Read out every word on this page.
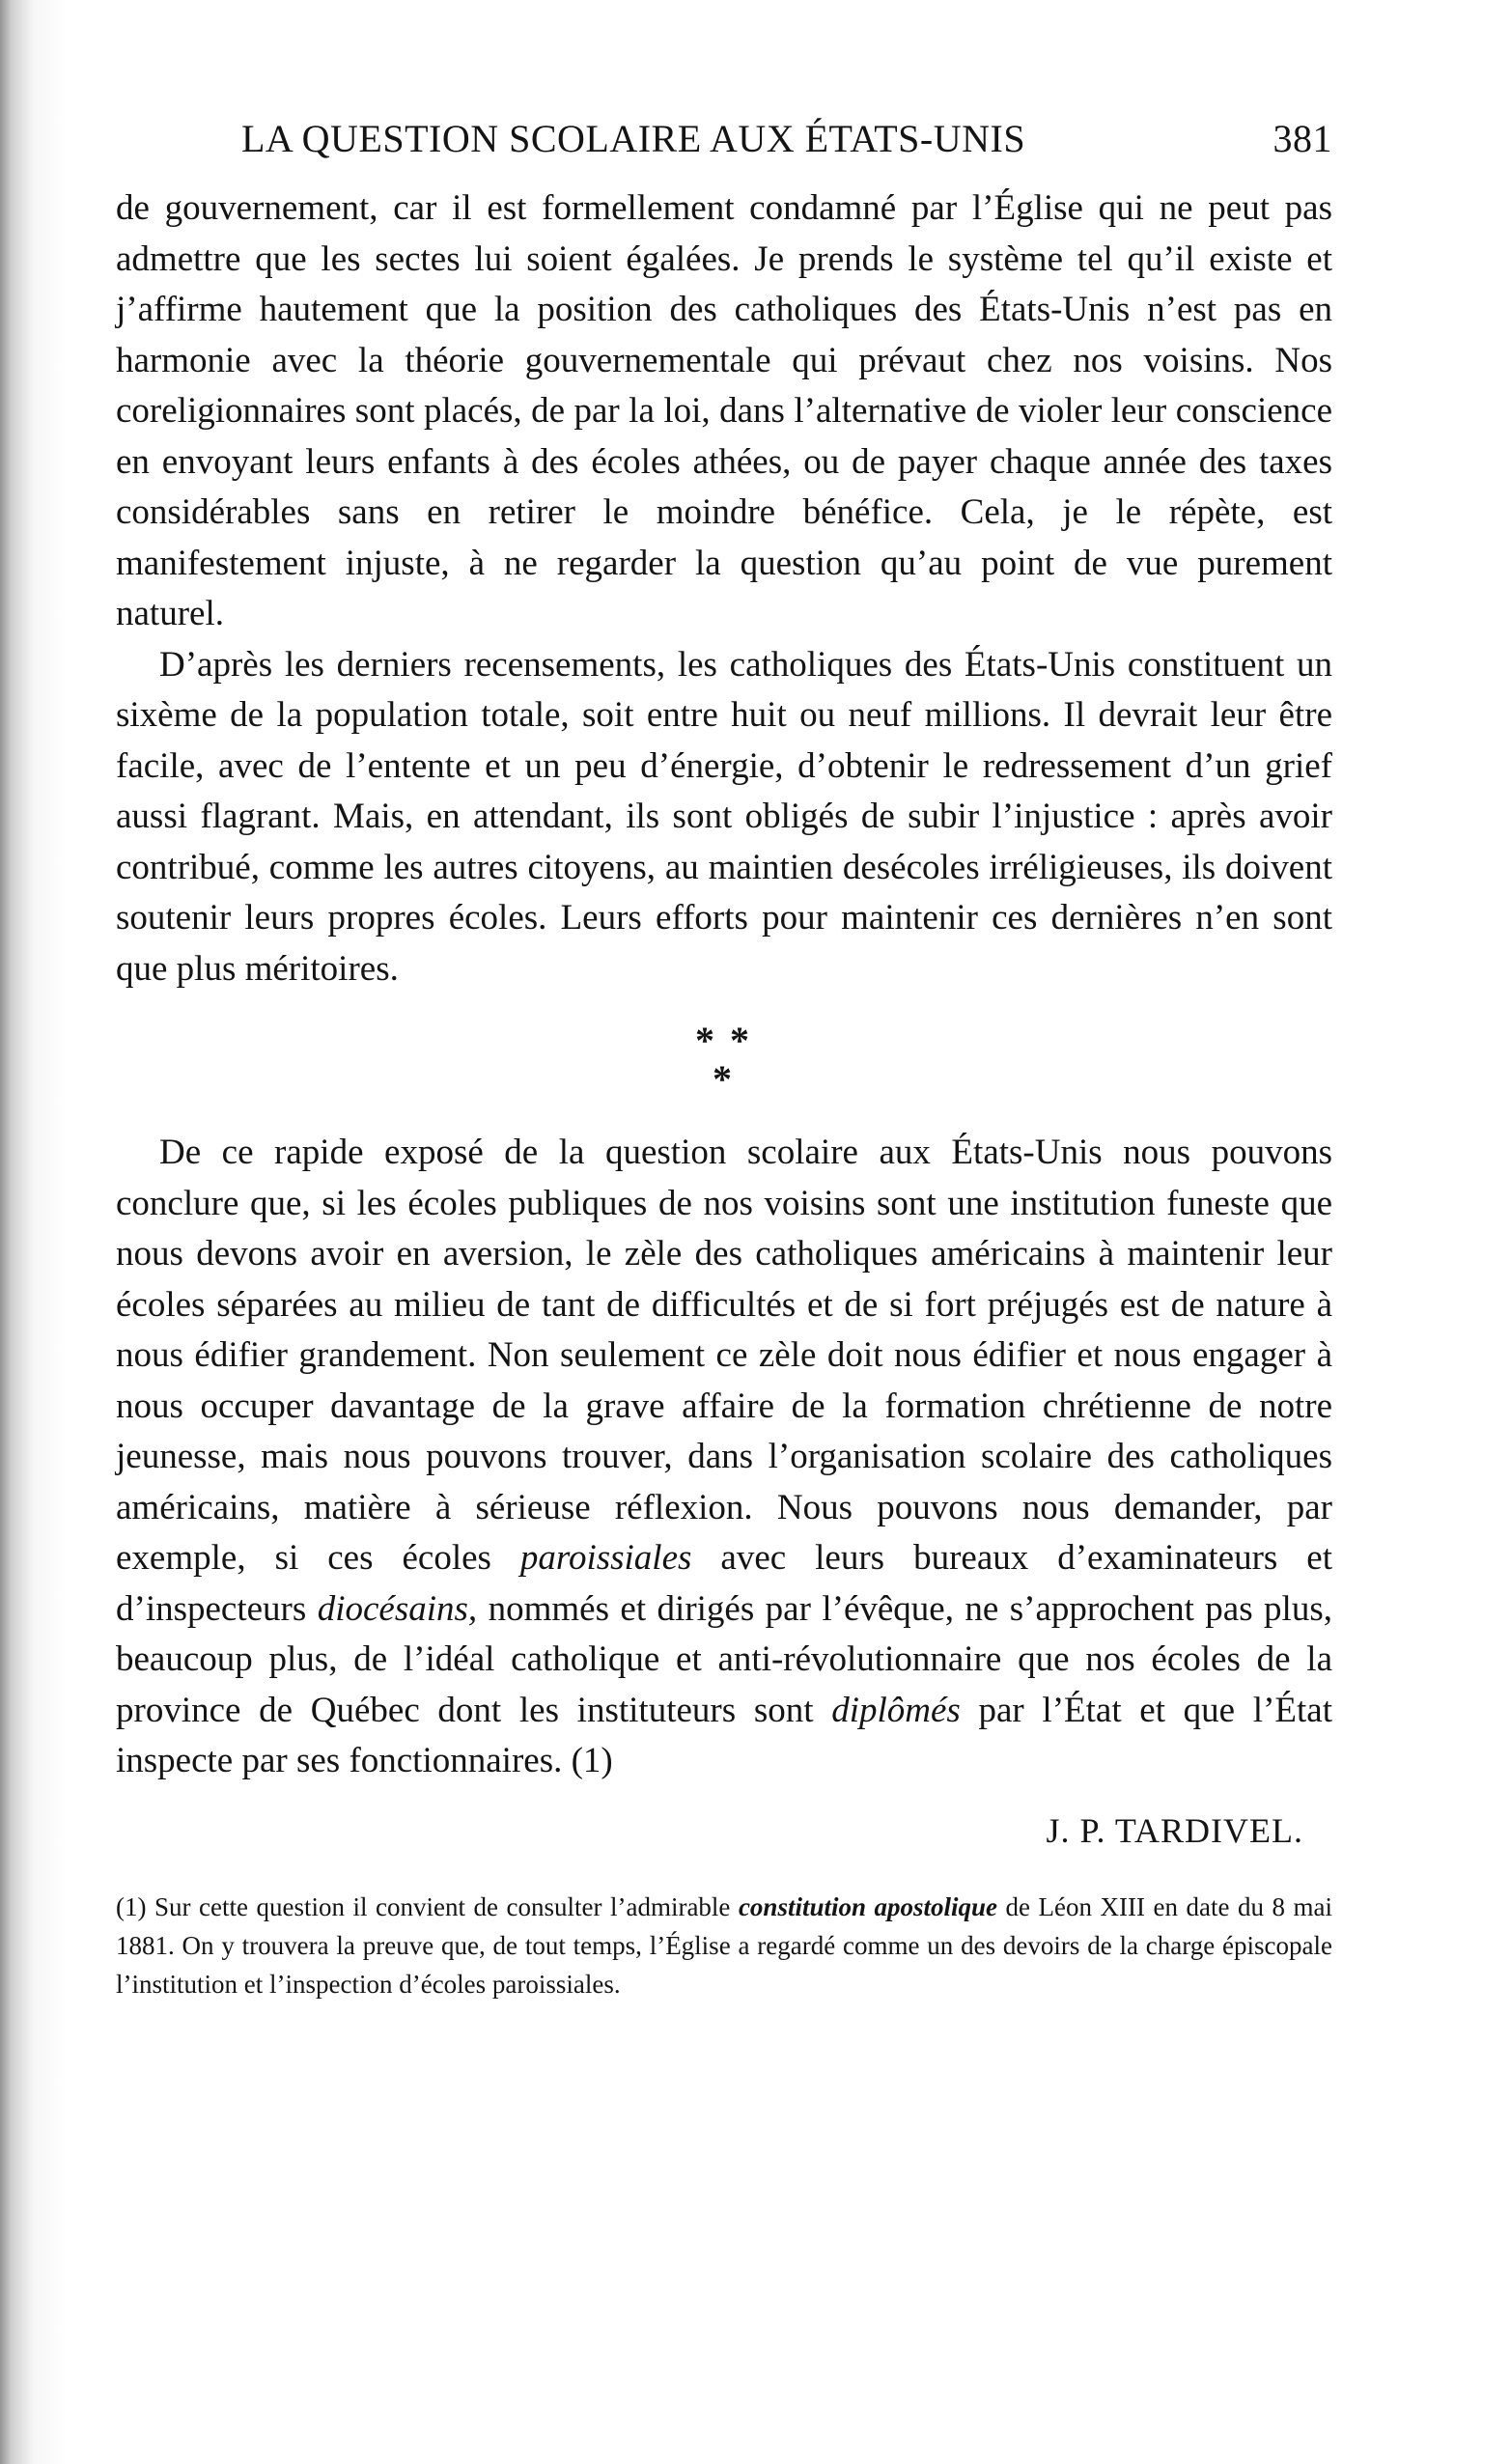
LA QUESTION SCOLAIRE AUX ÉTATS-UNIS	381

de gouvernement, car il est formellement condamné par l’Église qui ne peut pas admettre que les sectes lui soient égalées. Je prends le système tel qu’il existe et j’affirme hautement que la position des catholiques des États-Unis n’est pas en harmonie avec la théorie gouvernementale qui prévaut chez nos voisins. Nos coreligionnaires sont placés, de par la loi, dans l’alternative de violer leur conscience en envoyant leurs enfants à des écoles athées, ou de payer chaque année des taxes considérables sans en retirer le moindre bénéfice. Cela, je le répète, est manifestement injuste, à ne regarder la question qu’au point de vue purement naturel.

D’après les derniers recensements, les catholiques des États-Unis constituent un sixème de la population totale, soit entre huit ou neuf millions. Il devrait leur être facile, avec de l’entente et un peu d’énergie, d’obtenir le redressement d’un grief aussi flagrant. Mais, en attendant, ils sont obligés de subir l’injustice : après avoir contribué, comme les autres citoyens, au maintien desécoles irréligieuses, ils doivent soutenir leurs propres écoles. Leurs efforts pour maintenir ces dernières n’en sont que plus méritoires.

* *
*

De ce rapide exposé de la question scolaire aux États-Unis nous pouvons conclure que, si les écoles publiques de nos voisins sont une institution funeste que nous devons avoir en aversion, le zèle des catholiques américains à maintenir leur écoles séparées au milieu de tant de difficultés et de si fort préjugés est de nature à nous édifier grandement. Non seulement ce zèle doit nous édifier et nous engager à nous occuper davantage de la grave affaire de la formation chrétienne de notre jeunesse, mais nous pouvons trouver, dans l’organisation scolaire des catholiques américains, matière à sérieuse réflexion. Nous pouvons nous demander, par exemple, si ces écoles paroissiales avec leurs bureaux d’examinateurs et d’inspecteurs diocésains, nommés et dirigés par l’évêque, ne s’approchent pas plus, beaucoup plus, de l’idéal catholique et anti-révolutionnaire que nos écoles de la province de Québec dont les instituteurs sont diplômés par l’État et que l’État inspecte par ses fonctionnaires. (1)

J. P. TARDIVEL.
(1) Sur cette question il convient de consulter l’admirable constitution apostolique de Léon XIII en date du 8 mai 1881. On y trouvera la preuve que, de tout temps, l’Église a regardé comme un des devoirs de la charge épiscopale l’institution et l’inspection d’écoles paroissiales.
